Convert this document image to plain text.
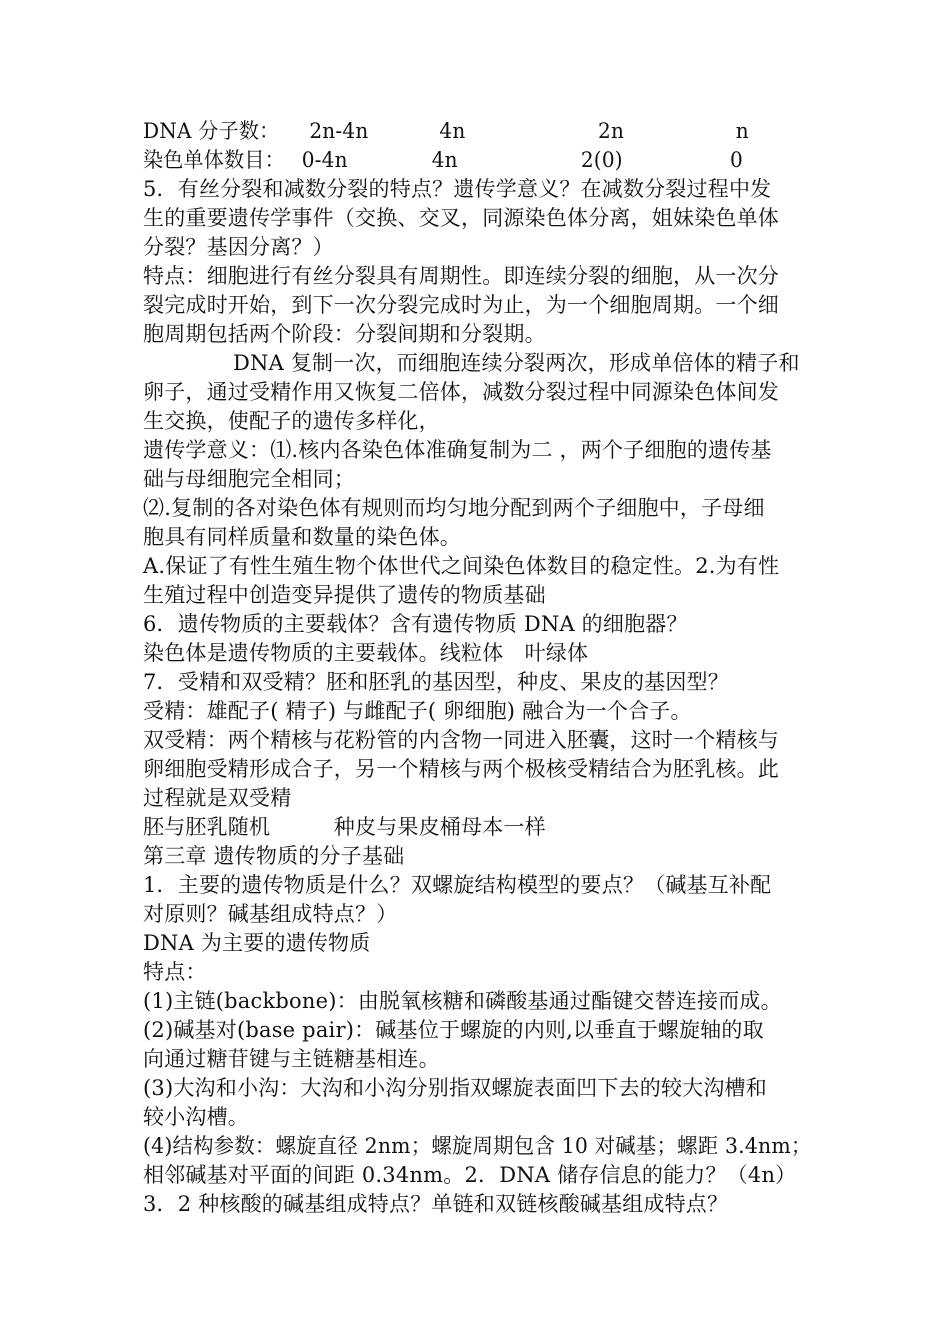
DNA 分子数： 2n-4n	4n	2n	n
染色单体数目： 0-4n	4n	2(0)	0
5．有丝分裂和减数分裂的特点？遗传学意义？在减数分裂过程中发
生的重要遗传学事件（交换、交叉，同源染色体分离，姐妹染色单体
分裂？基因分离？）
特点：细胞进行有丝分裂具有周期性。即连续分裂的细胞，从一次分
裂完成时开始，到下一次分裂完成时为止，为一个细胞周期。一个细
胞周期包括两个阶段：分裂间期和分裂期。
DNA 复制一次，而细胞连续分裂两次，形成单倍体的精子和
卵子，通过受精作用又恢复二倍体，减数分裂过程中同源染色体间发
生交换，使配子的遗传多样化，
遗传学意义：⑴.核内各染色体准确复制为二 ，两个子细胞的遗传基
础与母细胞完全相同；
⑵.复制的各对染色体有规则而均匀地分配到两个子细胞中，子母细
胞具有同样质量和数量的染色体。
A.保证了有性生殖生物个体世代之间染色体数目的稳定性。2.为有性
生殖过程中创造变异提供了遗传的物质基础
6．遗传物质的主要载体？含有遗传物质 DNA 的细胞器？
染色体是遗传物质的主要载体。线粒体　叶绿体
7．受精和双受精？胚和胚乳的基因型，种皮、果皮的基因型？
受精：雄配子( 精子) 与雌配子( 卵细胞) 融合为一个合子。
双受精：两个精核与花粉管的内含物一同进入胚囊，这时一个精核与
卵细胞受精形成合子，另一个精核与两个极核受精结合为胚乳核。此
过程就是双受精
胚与胚乳随机　　　种皮与果皮桶母本一样
第三章 遗传物质的分子基础
1．主要的遗传物质是什么？双螺旋结构模型的要点？（碱基互补配
对原则？碱基组成特点？）
DNA 为主要的遗传物质
特点：
(1)主链(backbone)：由脱氧核糖和磷酸基通过酯键交替连接而成。
(2)碱基对(base pair)：碱基位于螺旋的内则,以垂直于螺旋轴的取
向通过糖苷键与主链糖基相连。
(3)大沟和小沟：大沟和小沟分别指双螺旋表面凹下去的较大沟槽和
较小沟槽。
(4)结构参数：螺旋直径 2nm；螺旋周期包含 10 对碱基；螺距 3.4nm；
相邻碱基对平面的间距 0.34nm。2．DNA 储存信息的能力？（4n）
3．2 种核酸的碱基组成特点？单链和双链核酸碱基组成特点？
